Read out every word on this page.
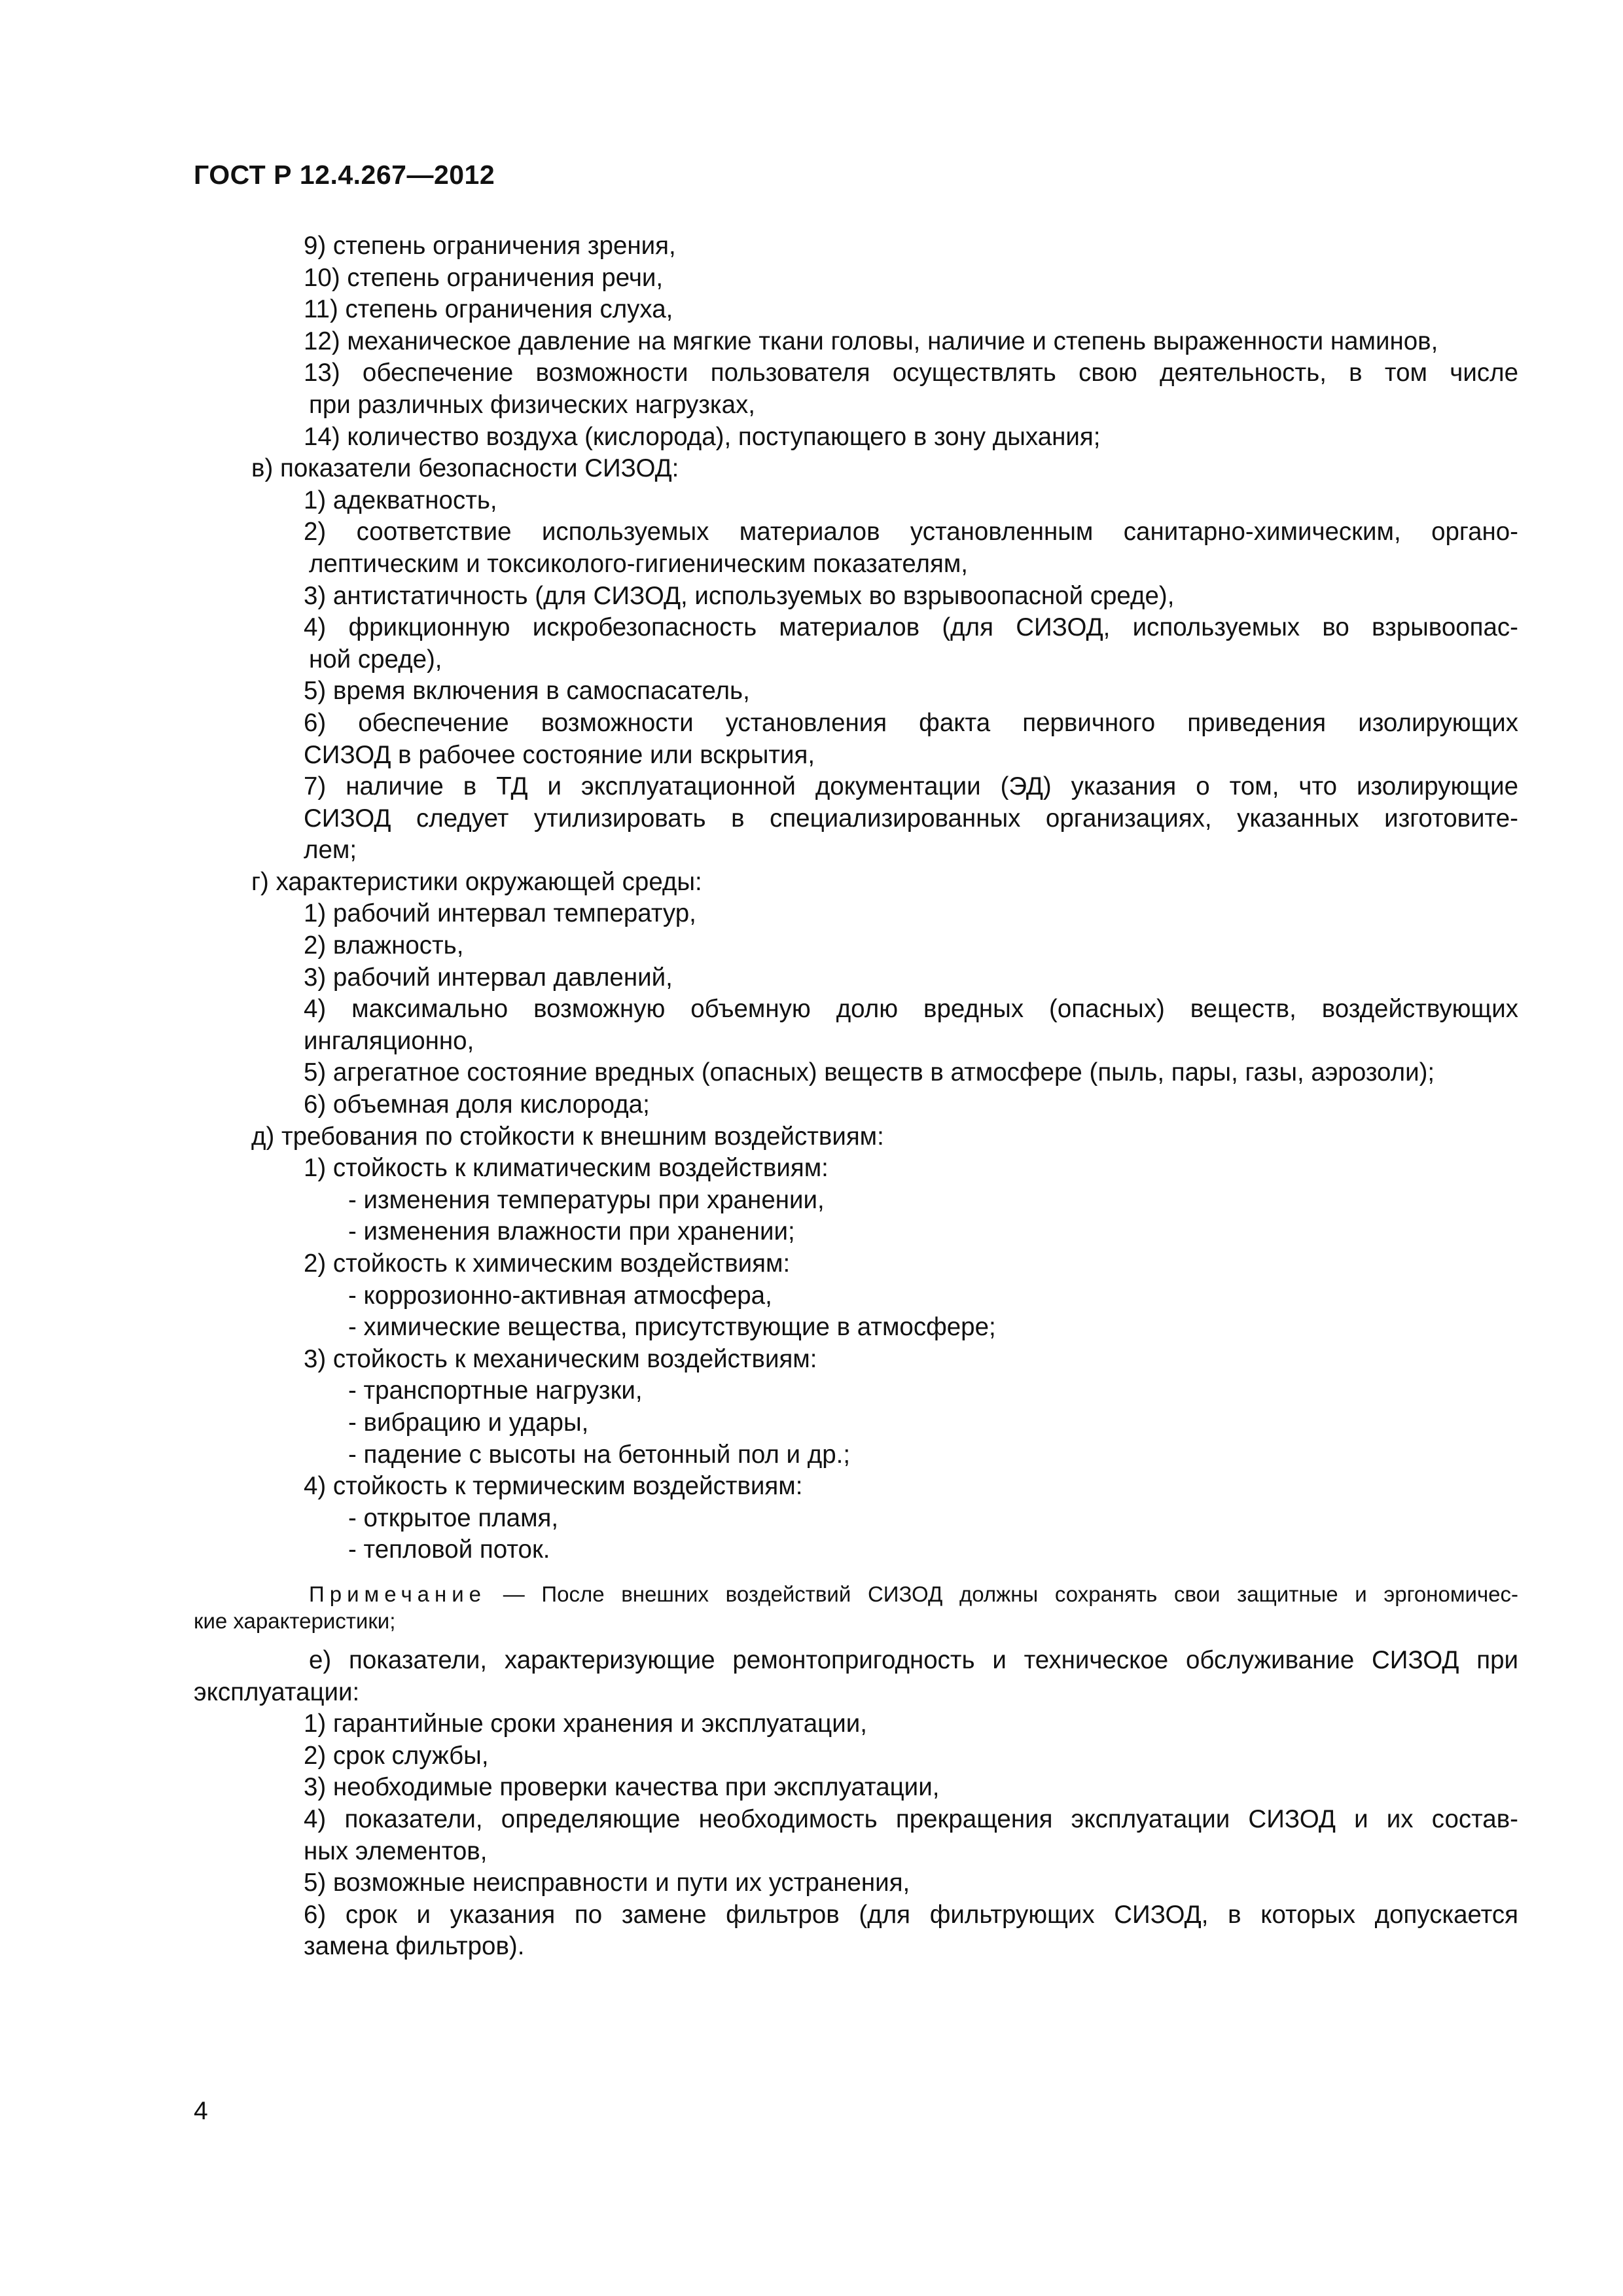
ГОСТ Р 12.4.267—2012
9) степень ограничения зрения,
10) степень ограничения речи,
11) степень ограничения слуха,
12) механическое давление на мягкие ткани головы, наличие и степень выраженности наминов,
13) обеспечение возможности пользователя осуществлять свою деятельность, в том числе
при различных физических нагрузках,
14) количество воздуха (кислорода), поступающего в зону дыхания;
в) показатели безопасности СИЗОД:
1) адекватность,
2) соответствие используемых материалов установленным санитарно-химическим, органо-
лептическим и токсиколого-гигиеническим показателям,
3) антистатичность (для СИЗОД, используемых во взрывоопасной среде),
4) фрикционную искробезопасность материалов (для СИЗОД, используемых во взрывоопас-
ной среде),
5) время включения в самоспасатель,
6) обеспечение возможности установления факта первичного приведения изолирующих
СИЗОД в рабочее состояние или вскрытия,
7) наличие в ТД и эксплуатационной документации (ЭД) указания о том, что изолирующие
СИЗОД следует утилизировать в специализированных организациях, указанных изготовите-
лем;
г) характеристики окружающей среды:
1) рабочий интервал температур,
2) влажность,
3) рабочий интервал давлений,
4) максимально возможную объемную долю вредных (опасных) веществ, воздействующих
ингаляционно,
5) агрегатное состояние вредных (опасных) веществ в атмосфере (пыль, пары, газы, аэрозоли);
6) объемная доля кислорода;
д) требования по стойкости к внешним воздействиям:
1) стойкость к климатическим воздействиям:
- изменения температуры при хранении,
- изменения влажности при хранении;
2) стойкость к химическим воздействиям:
- коррозионно-активная атмосфера,
- химические вещества, присутствующие в атмосфере;
3) стойкость к механическим воздействиям:
- транспортные нагрузки,
- вибрацию и удары,
- падение с высоты на бетонный пол и др.;
4) стойкость к термическим воздействиям:
- открытое пламя,
- тепловой поток.
Примечание — После внешних воздействий СИЗОД должны сохранять свои защитные и эргономичес-
кие характеристики;
е) показатели, характеризующие ремонтопригодность и техническое обслуживание СИЗОД при
эксплуатации:
1) гарантийные сроки хранения и эксплуатации,
2) срок службы,
3) необходимые проверки качества при эксплуатации,
4) показатели, определяющие необходимость прекращения эксплуатации СИЗОД и их состав-
ных элементов,
5) возможные неисправности и пути их устранения,
6) срок и указания по замене фильтров (для фильтрующих СИЗОД, в которых допускается
замена фильтров).
4
